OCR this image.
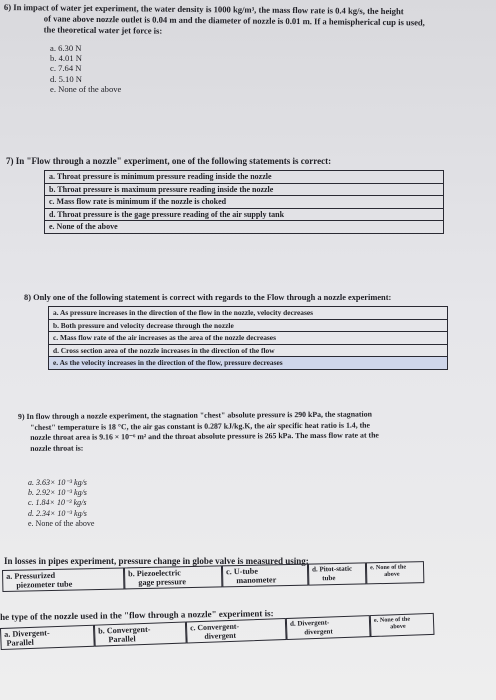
6) In impact of water jet experiment, the water density is 1000 kg/m³, the mass flow rate is 0.4 kg/s, the height
of vane above nozzle outlet is 0.04 m and the diameter of nozzle is 0.01 m. If a hemispherical cup is used,
the theoretical water jet force is:
a. 6.30 N
b. 4.01 N
c. 7.64 N
d. 5.10 N
e. None of the above
7) In "Flow through a nozzle" experiment, one of the following statements is correct:
a. Throat pressure is minimum pressure reading inside the nozzle
b. Throat pressure is maximum pressure reading inside the nozzle
c. Mass flow rate is minimum if the nozzle is choked
d. Throat pressure is the gage pressure reading of the air supply tank
e. None of the above
8) Only one of the following statement is correct with regards to the Flow through a nozzle experiment:
a. As pressure increases in the direction of the flow in the nozzle, velocity decreases
b. Both pressure and velocity decrease through the nozzle
c. Mass flow rate of the air increases as the area of the nozzle decreases
d. Cross section area of the nozzle increases in the direction of the flow
e. As the velocity increases in the direction of the flow, pressure decreases
9) In flow through a nozzle experiment, the stagnation "chest" absolute pressure is 290 kPa, the stagnation
"chest" temperature is 18 °C, the air gas constant is 0.287 kJ/kg.K, the air specific heat ratio is 1.4, the
nozzle throat area is 9.16 × 10⁻⁶ m² and the throat absolute pressure is 265 kPa. The mass flow rate at the
nozzle throat is:
a. 3.63× 10⁻³ kg/s
b. 2.92× 10⁻³ kg/s
c. 1.84× 10⁻³ kg/s
d. 2.34× 10⁻³ kg/s
e. None of the above
In losses in pipes experiment, pressure change in globe valve is measured using:
a. Pressurized
piezometer tube
b. Piezoelectric
gage pressure
c. U-tube
manometer
d. Pitot-static
tube
e. None of the
above
he type of the nozzle used in the "flow through a nozzle" experiment is:
a. Divergent-
Parallel
b. Convergent-
Parallel
c. Convergent-
divergent
d. Divergent-
divergent
e. None of the
above
